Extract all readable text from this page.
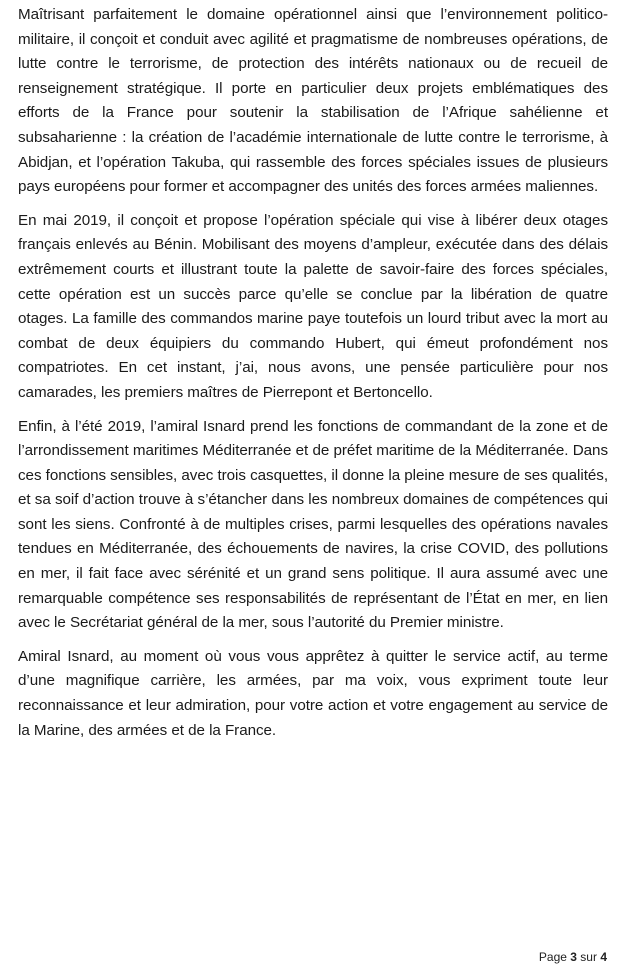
Maîtrisant parfaitement le domaine opérationnel ainsi que l’environnement politico-militaire, il conçoit et conduit avec agilité et pragmatisme de nombreuses opérations, de lutte contre le terrorisme, de protection des intérêts nationaux ou de recueil de renseignement stratégique. Il porte en particulier deux projets emblématiques des efforts de la France pour soutenir la stabilisation de l’Afrique sahélienne et subsaharienne : la création de l’académie internationale de lutte contre le terrorisme, à Abidjan, et l’opération Takuba, qui rassemble des forces spéciales issues de plusieurs pays européens pour former et accompagner des unités des forces armées maliennes.

En mai 2019, il conçoit et propose l’opération spéciale qui vise à libérer deux otages français enlevés au Bénin. Mobilisant des moyens d’ampleur, exécutée dans des délais extrêmement courts et illustrant toute la palette de savoir-faire des forces spéciales, cette opération est un succès parce qu’elle se conclue par la libération de quatre otages. La famille des commandos marine paye toutefois un lourd tribut avec la mort au combat de deux équipiers du commando Hubert, qui émeut profondément nos compatriotes. En cet instant, j’ai, nous avons, une pensée particulière pour nos camarades, les premiers maîtres de Pierrepont et Bertoncello.

Enfin, à l’été 2019, l’amiral Isnard prend les fonctions de commandant de la zone et de l’arrondissement maritimes Méditerranée et de préfet maritime de la Méditerranée. Dans ces fonctions sensibles, avec trois casquettes, il donne la pleine mesure de ses qualités, et sa soif d’action trouve à s’étancher dans les nombreux domaines de compétences qui sont les siens. Confronté à de multiples crises, parmi lesquelles des opérations navales tendues en Méditerranée, des échouements de navires, la crise COVID, des pollutions en mer, il fait face avec sérénité et un grand sens politique. Il aura assumé avec une remarquable compétence ses responsabilités de représentant de l’État en mer, en lien avec le Secrétariat général de la mer, sous l’autorité du Premier ministre.

Amiral Isnard, au moment où vous vous apprêtez à quitter le service actif, au terme d’une magnifique carrière, les armées, par ma voix, vous expriment toute leur reconnaissance et leur admiration, pour votre action et votre engagement au service de la Marine, des armées et de la France.

Page 3 sur 4
